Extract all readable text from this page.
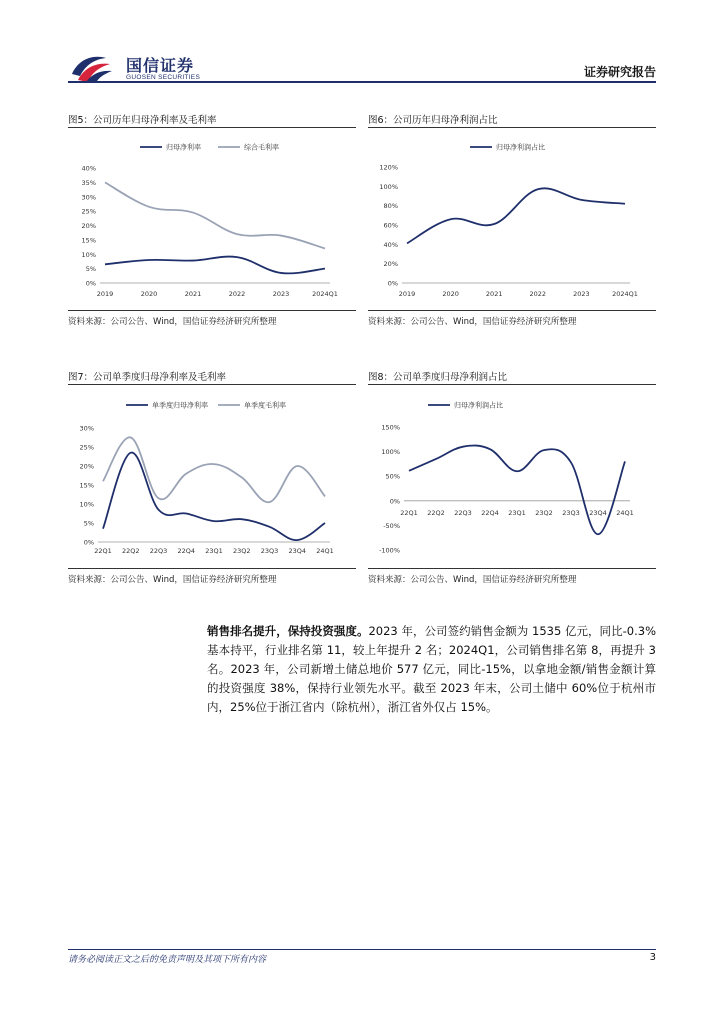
国信证券
GUOSEN SECURITIES	证券研究报告
图5：公司历年归母净利率及毛利率	图6：公司历年归母净利润占比
资料来源：公司公告、Wind，国信证券经济研究所整理	资料来源：公司公告、Wind，国信证券经济研究所整理
图7：公司单季度归母净利率及毛利率	图8：公司单季度归母净利润占比
资料来源：公司公告、Wind，国信证券经济研究所整理	资料来源：公司公告、Wind，国信证券经济研究所整理
0%
5%
10%
15%
20%
25%
30%
35%
40%
2019	2020	2021	2022	2023	2024Q1
归母净利率	综合毛利率
0%
20%
40%
60%
80%
100%
120%
2019	2020	2021	2022	2023	2024Q1
归母净利润占比
0%
5%
10%
15%
20%
25%
30%
22Q1 22Q2 22Q3 22Q4 23Q1 23Q2 23Q3 23Q4 24Q1
单季度归母净利率	单季度毛利率
-100%
-50%
0%
50%
100%
150%
22Q1 22Q2 22Q3 22Q4 23Q1 23Q2 23Q3 23Q4 24Q1
归母净利润占比
销售排名提升，保持投资强度。2023 年，公司签约销售金额为 1535 亿元，同比-0.3%基本持平，行业排名第 11，较上年提升 2 名；2024Q1，公司销售排名第 8，再提升 3 名。2023 年，公司新增土储总地价 577 亿元，同比-15%，以拿地金额/销售金额计算的投资强度 38%，保持行业领先水平。截至 2023 年末，公司土储中 60%位于杭州市内，25%位于浙江省内（除杭州），浙江省外仅占 15%。
请务必阅读正文之后的免责声明及其项下所有内容	3
